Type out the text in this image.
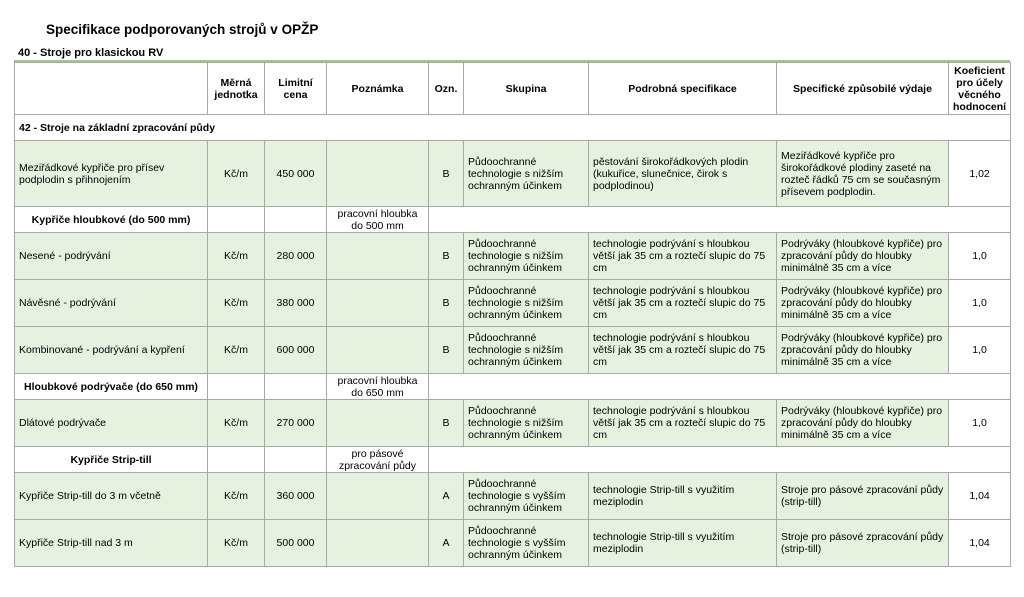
Specifikace podporovaných strojů v OPŽP
40 - Stroje pro klasickou RV
	Měrná jednotka	Limitní cena	Poznámka	Ozn.	Skupina	Podrobná specifikace	Specifické způsobilé výdaje	Koeficient pro účely věcného hodnocení
42 - Stroje na základní zpracování půdy								
Meziřádkové kypřiče pro přísev podplodin s přihnojením	Kč/m	450 000		B	Půdoochranné technologie s nižším ochranným účinkem	pěstování širokořádkových plodin (kukuřice, slunečnice, čirok s podplodinou)	Meziřádkové kypřiče pro širokořádkové plodiny zaseté na rozteč řádků 75 cm se současným přísevem podplodin.	1,02
Kypřiče hloubkové (do 500 mm)			pracovní hloubka do 500 mm					
Nesené - podrývání	Kč/m	280 000		B	Půdoochranné technologie s nižším ochranným účinkem	technologie podrývání s hloubkou větší jak 35 cm a roztečí slupic do 75 cm	Podrýváky (hloubkové kypřiče) pro zpracování půdy do hloubky minimálně 35 cm a více	1,0
Návěsné - podrývání	Kč/m	380 000		B	Půdoochranné technologie s nižším ochranným účinkem	technologie podrývání s hloubkou větší jak 35 cm a roztečí slupic do 75 cm	Podrýváky (hloubkové kypřiče) pro zpracování půdy do hloubky minimálně 35 cm a více	1,0
Kombinované - podrývání a kypření	Kč/m	600 000		B	Půdoochranné technologie s nižším ochranným účinkem	technologie podrývání s hloubkou větší jak 35 cm a roztečí slupic do 75 cm	Podrýváky (hloubkové kypřiče) pro zpracování půdy do hloubky minimálně 35 cm a více	1,0
Hloubkové podrývače (do 650 mm)			pracovní hloubka do 650 mm					
Dlátové podrývače	Kč/m	270 000		B	Půdoochranné technologie s nižším ochranným účinkem	technologie podrývání s hloubkou větší jak 35 cm a roztečí slupic do 75 cm	Podrýváky (hloubkové kypřiče) pro zpracování půdy do hloubky minimálně 35 cm a více	1,0
Kypřiče Strip-till			pro pásové zpracování půdy					
Kypřiče Strip-till do 3 m včetně	Kč/m	360 000		A	Půdoochranné technologie s vyšším ochranným účinkem	technologie Strip-till s využitím meziplodin	Stroje pro pásové zpracování půdy (strip-till)	1,04
Kypřiče Strip-till nad 3 m	Kč/m	500 000		A	Půdoochranné technologie s vyšším ochranným účinkem	technologie Strip-till s využitím meziplodin	Stroje pro pásové zpracování půdy (strip-till)	1,04
